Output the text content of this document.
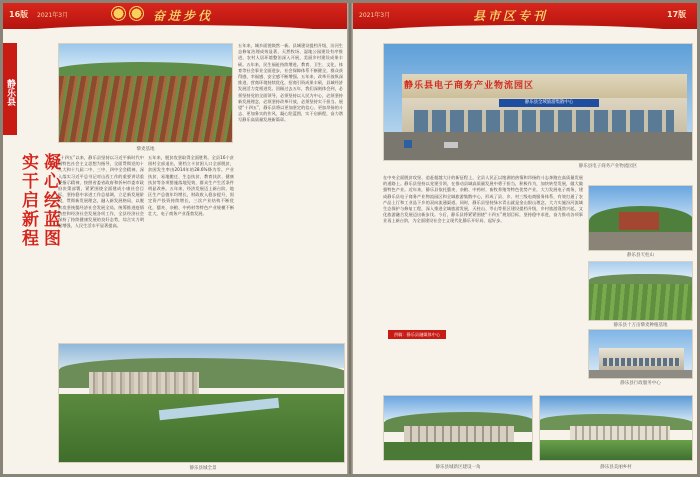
16版 2021年3月	奋进步伐
静乐县
藜麦基地
五年来，城乡面貌焕然一新。县城建设提档升级，汾河生态修复治理成效显著，天然牧场、湿地公园建设有序推进，农村人居环境整治深入开展，美丽乡村建设成果丰硕。五年来，民生福祉持续增进。教育、卫生、文化、体育等社会事业全面进步，社会保障体系不断健全，群众获得感、幸福感、安全感不断增强。五年来，改革开放纵深推进，营商环境持续优化，招商引资成果丰硕，县域经济发展活力竞相迸发。回顾过去五年，我们深刻体会到，必须坚持党的全面领导，必须坚持以人民为中心，必须坚持新发展理念，必须坚持改革开放，必须坚持实干担当。展望“十四五”，静乐县将以更加坚定的信心、更加昂扬的斗志、更加务实的作风，凝心绘蓝图，实干启新程，奋力谱写静乐高质量发展新篇章。
凝心绘蓝图
实干启新程	“十四五”以来，静乐县坚持以习近平新时代中国特色社会主义思想为指导，全面贯彻党的十九大和十九届二中、三中、四中全会精神，深入落实习近平总书记对山西工作的重要讲话重要指示精神，按照省委省政府和忻州市委市政府决策部署，紧紧围绕全面建成小康社会目标，坚持稳中求进工作总基调，立足新发展阶段，贯彻新发展理念，融入新发展格局，以脱贫攻坚统揽经济社会发展全局，统筹推进疫情防控和经济社会发展各项工作，全县经济社会保持了持续健康发展的良好态势，综合实力明显增强，人民生活水平显著提高。
五年来，脱贫攻坚取得全面胜利。全县16个贫困村全部退出，建档立卡贫困人口全部脱贫，贫困发生率由2014年的28.6%降为零。产业扶贫、易地搬迁、生态扶贫、教育扶贫、健康扶贫等各项措施落地见效，群众生产生活条件明显改善。五年来，经济发展迈上新台阶，地区生产总值年均增长，财政收入稳步提升，固定资产投资持续增长，三次产业结构不断优化，藜麦、杂粮、中药材等特色产业规模不断壮大，电子商务产业蓬勃发展。
静乐县城全景
2021年3月	县市区专刊	17版
静乐县电子商务产业物流园区
静乐县全域旅游集散中心
静乐县电子商务产业物流园区
在中央全面脱贫攻坚、追赶超越大计的新征程上，全县人民正以饱满的热情和昂扬的斗志奔跑在高质量发展的道路上。静乐县坚持以党建引领，在推动县域高质量发展中勇于担当，积极作为，加快转型发展，做大做强特色产业。近年来，静乐县依托藜麦、杂粮、中药材、畜牧养殖等特色优势产业，大力发展电子商务，建成静乐县电子商务产业物流园区和全域旅游集散中心，形成了县、乡、村三级电商服务体系，有效打通了农产品上行和工业品下乡的双向流通渠道。同时，静乐县坚持绿水青山就是金山银山理念，大力实施汾河流域生态保护与修复工程，深入推进全域旅游发展，天柱山、岑山等景区建设提档升级，乡村旅游蓬勃兴起，文化旅游融合发展迈出新步伐。今后，静乐县将紧紧围绕“十四五”规划目标，坚持稳中求进，奋力推动各项事业再上新台阶，为全面建设社会主义现代化静乐开好局、起好步。
静乐县天柱山
静乐县十万亩藜麦种植基地
静乐县行政服务中心
静乐县城新区建设一角	静乐县美丽乡村
供稿：静乐县融媒体中心
